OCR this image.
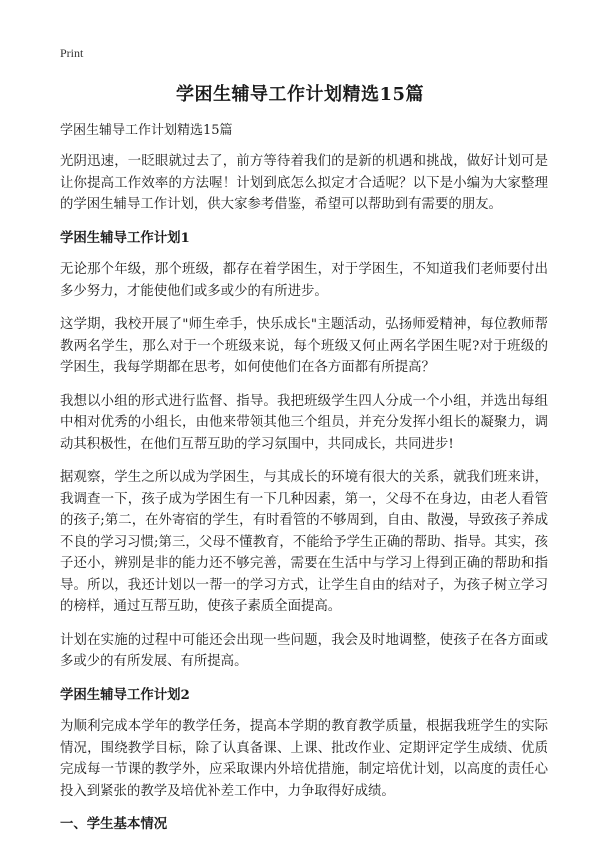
Print
学困生辅导工作计划精选15篇

学困生辅导工作计划精选15篇

光阴迅速，一眨眼就过去了，前方等待着我们的是新的机遇和挑战，做好计划可是让你提高工作效率的方法喔！计划到底怎么拟定才合适呢？以下是小编为大家整理的学困生辅导工作计划，供大家参考借鉴，希望可以帮助到有需要的朋友。

学困生辅导工作计划1

无论那个年级，那个班级，都存在着学困生，对于学困生，不知道我们老师要付出多少努力，才能使他们或多或少的有所进步。

这学期，我校开展了"师生牵手，快乐成长"主题活动，弘扬师爱精神，每位教师帮教两名学生，那么对于一个班级来说，每个班级又何止两名学困生呢?对于班级的学困生，我每学期都在思考，如何使他们在各方面都有所提高？

我想以小组的形式进行监督、指导。我把班级学生四人分成一个小组，并选出每组中相对优秀的小组长，由他来带领其他三个组员，并充分发挥小组长的凝聚力，调动其积极性，在他们互帮互助的学习氛围中，共同成长，共同进步!

据观察，学生之所以成为学困生，与其成长的环境有很大的关系，就我们班来讲，我调查一下，孩子成为学困生有一下几种因素，第一，父母不在身边，由老人看管的孩子;第二，在外寄宿的学生，有时看管的不够周到，自由、散漫，导致孩子养成不良的学习习惯;第三，父母不懂教育，不能给予学生正确的帮助、指导。其实，孩子还小，辨别是非的能力还不够完善，需要在生活中与学习上得到正确的帮助和指导。所以，我还计划以一帮一的学习方式，让学生自由的结对子，为孩子树立学习的榜样，通过互帮互助，使孩子素质全面提高。

计划在实施的过程中可能还会出现一些问题，我会及时地调整，使孩子在各方面或多或少的有所发展、有所提高。

学困生辅导工作计划2

为顺利完成本学年的教学任务，提高本学期的教育教学质量，根据我班学生的实际情况，围绕教学目标，除了认真备课、上课、批改作业、定期评定学生成绩、优质完成每一节课的教学外，应采取课内外培优措施，制定培优计划，以高度的责任心投入到紧张的教学及培优补差工作中，力争取得好成绩。

一、学生基本情况
